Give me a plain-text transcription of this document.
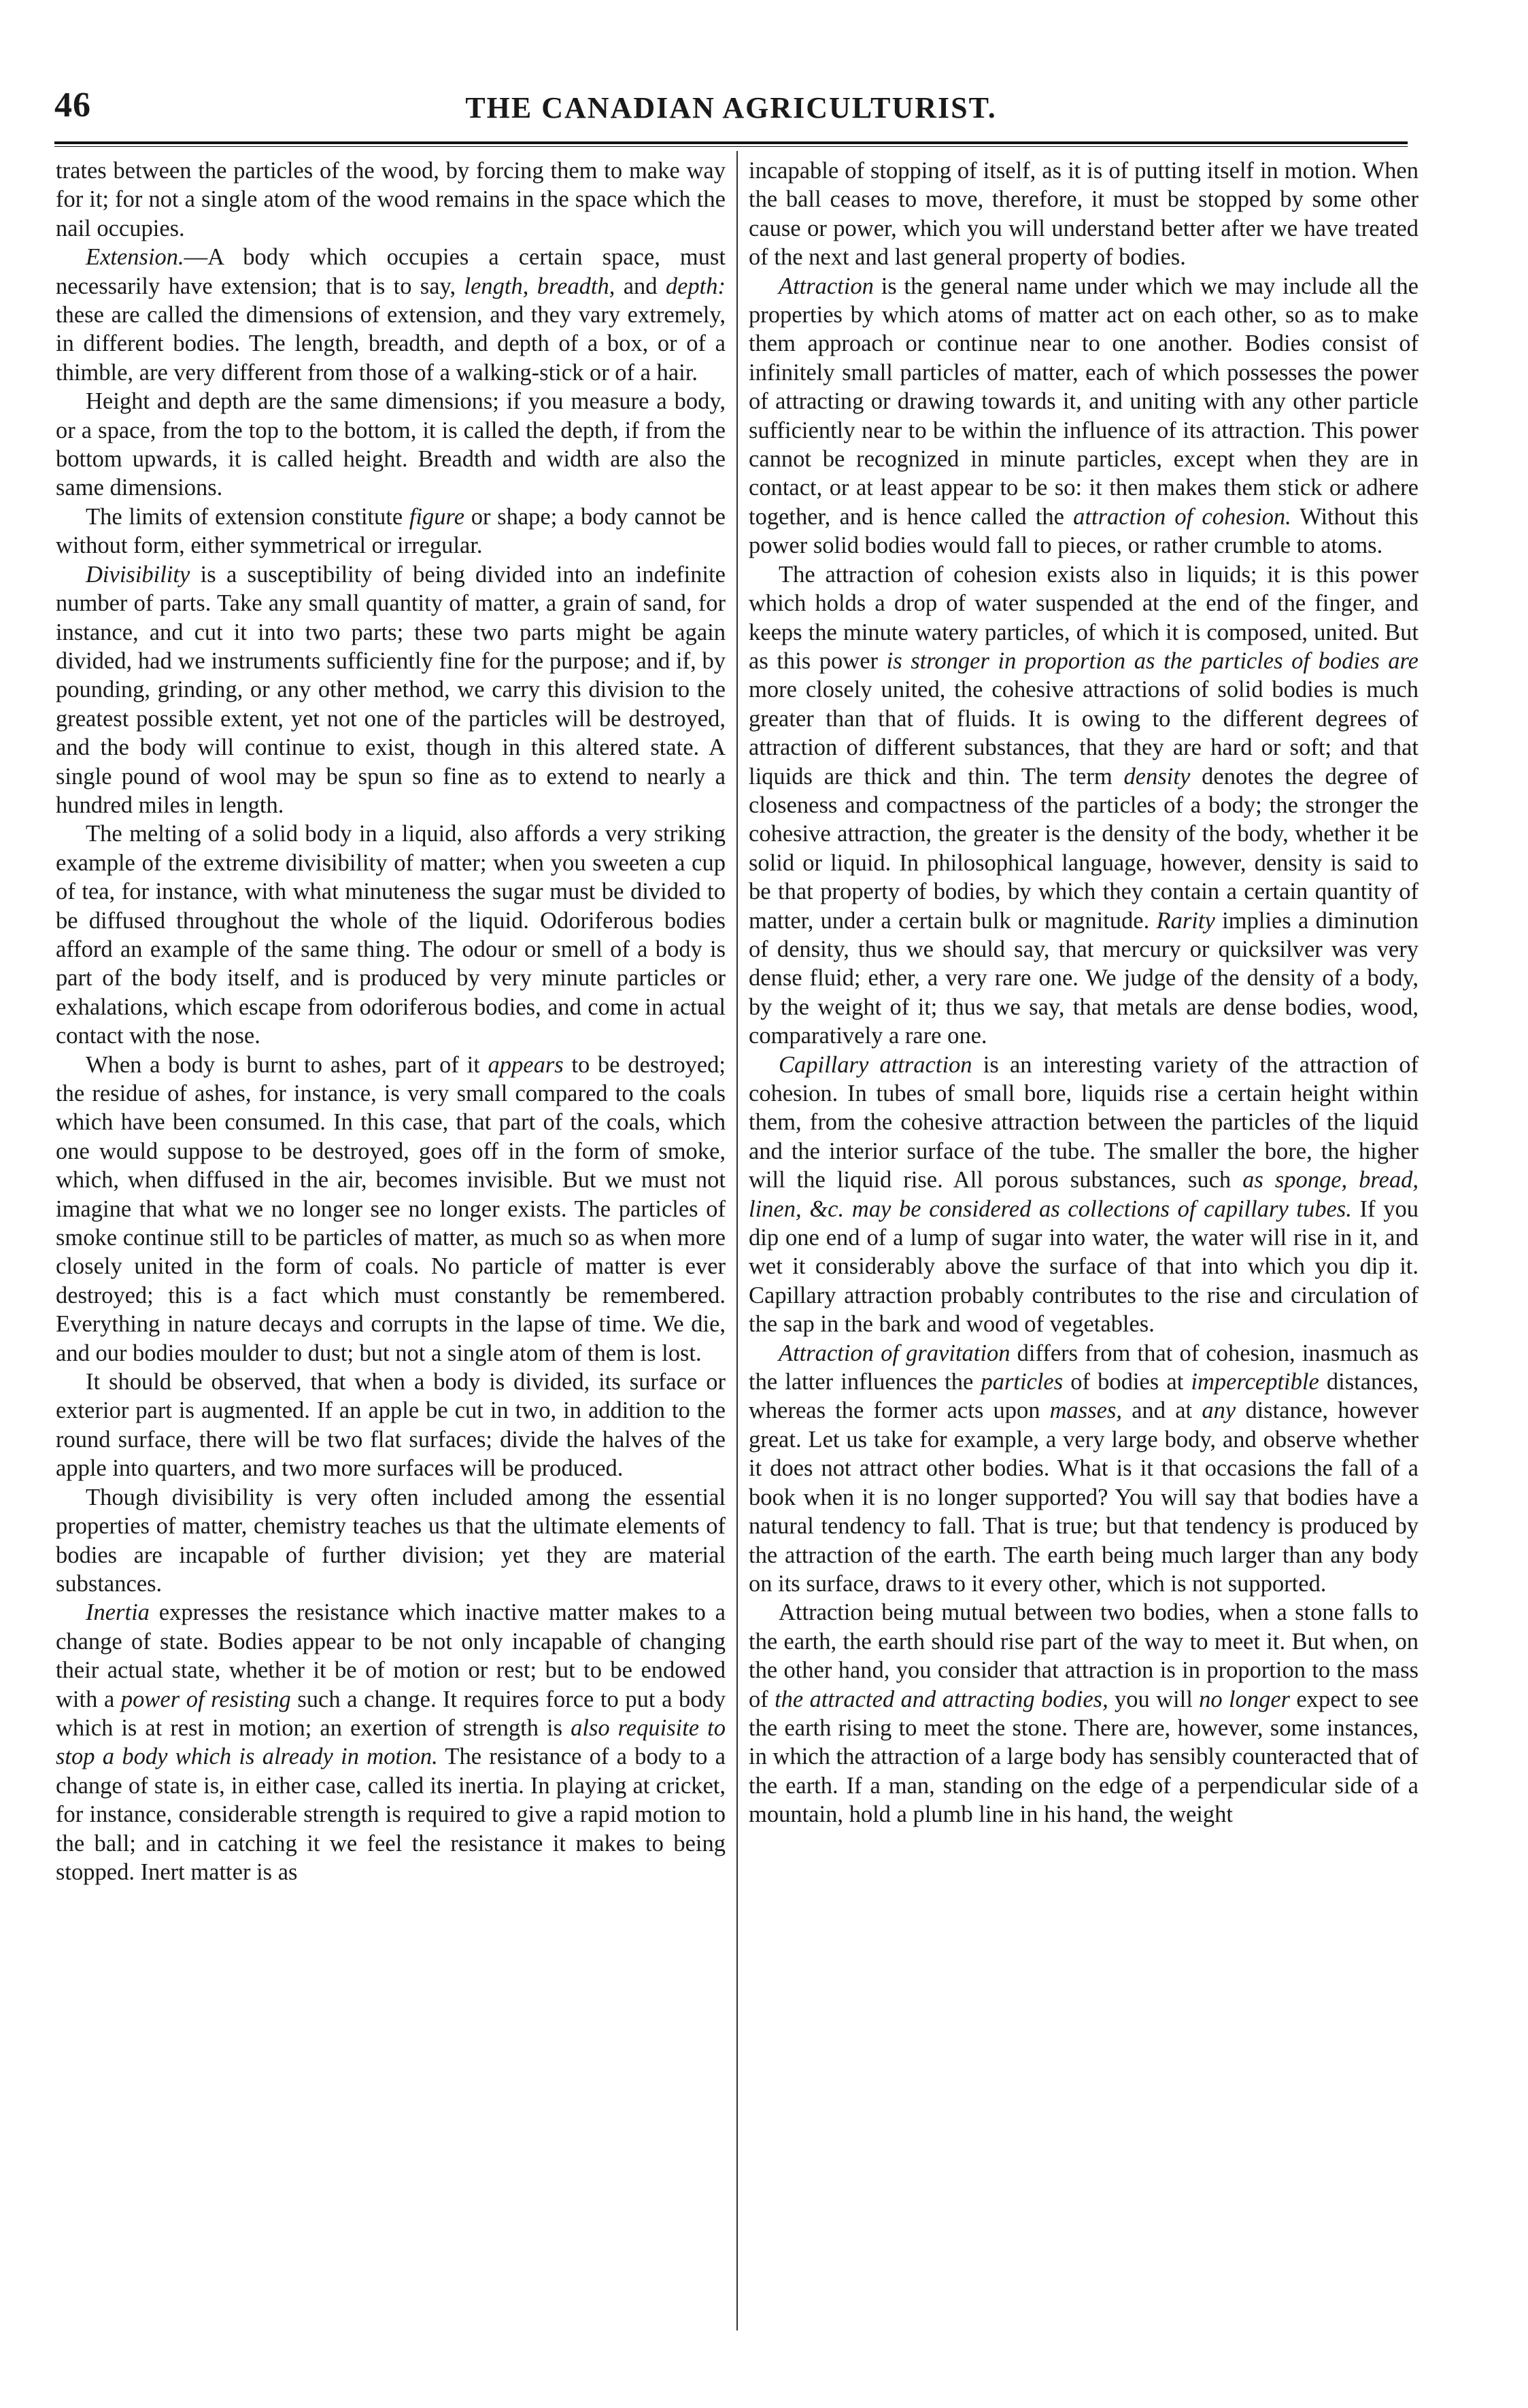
46	THE CANADIAN AGRICULTURIST.

trates between the particles of the wood, by forcing them to make way for it; for not a single atom of the wood remains in the space which the nail occupies.

Extension.—A body which occupies a certain space, must necessarily have extension; that is to say, length, breadth, and depth: these are called the dimensions of extension, and they vary extremely, in different bodies. The length, breadth, and depth of a box, or of a thimble, are very different from those of a walking-stick or of a hair.

Height and depth are the same dimensions; if you measure a body, or a space, from the top to the bottom, it is called the depth, if from the bottom upwards, it is called height. Breadth and width are also the same dimensions.

The limits of extension constitute figure or shape; a body cannot be without form, either symmetrical or irregular.

Divisibility is a susceptibility of being divided into an indefinite number of parts. Take any small quantity of matter, a grain of sand, for instance, and cut it into two parts; these two parts might be again divided, had we instruments sufficiently fine for the purpose; and if, by pounding, grinding, or any other method, we carry this division to the greatest possible extent, yet not one of the particles will be destroyed, and the body will continue to exist, though in this altered state. A single pound of wool may be spun so fine as to extend to nearly a hundred miles in length.

The melting of a solid body in a liquid, also affords a very striking example of the extreme divisibility of matter; when you sweeten a cup of tea, for instance, with what minuteness the sugar must be divided to be diffused throughout the whole of the liquid. Odoriferous bodies afford an example of the same thing. The odour or smell of a body is part of the body itself, and is produced by very minute particles or exhalations, which escape from odoriferous bodies, and come in actual contact with the nose.

When a body is burnt to ashes, part of it appears to be destroyed; the residue of ashes, for instance, is very small compared to the coals which have been consumed. In this case, that part of the coals, which one would suppose to be destroyed, goes off in the form of smoke, which, when diffused in the air, becomes invisible. But we must not imagine that what we no longer see no longer exists. The particles of smoke continue still to be particles of matter, as much so as when more closely united in the form of coals. No particle of matter is ever destroyed; this is a fact which must constantly be remembered. Everything in nature decays and corrupts in the lapse of time. We die, and our bodies moulder to dust; but not a single atom of them is lost.

It should be observed, that when a body is divided, its surface or exterior part is augmented. If an apple be cut in two, in addition to the round surface, there will be two flat surfaces; divide the halves of the apple into quarters, and two more surfaces will be produced.

Though divisibility is very often included among the essential properties of matter, chemistry teaches us that the ultimate elements of bodies are incapable of further division; yet they are material substances.

Inertia expresses the resistance which inactive matter makes to a change of state. Bodies appear to be not only incapable of changing their actual state, whether it be of motion or rest; but to be endowed with a power of resisting such a change. It requires force to put a body which is at rest in motion; an exertion of strength is also requisite to stop a body which is already in motion. The resistance of a body to a change of state is, in either case, called its inertia. In playing at cricket, for instance, considerable strength is required to give a rapid motion to the ball; and in catching it we feel the resistance it makes to being stopped. Inert matter is as

incapable of stopping of itself, as it is of putting itself in motion. When the ball ceases to move, therefore, it must be stopped by some other cause or power, which you will understand better after we have treated of the next and last general property of bodies.

Attraction is the general name under which we may include all the properties by which atoms of matter act on each other, so as to make them approach or continue near to one another. Bodies consist of infinitely small particles of matter, each of which possesses the power of attracting or drawing towards it, and uniting with any other particle sufficiently near to be within the influence of its attraction. This power cannot be recognized in minute particles, except when they are in contact, or at least appear to be so: it then makes them stick or adhere together, and is hence called the attraction of cohesion. Without this power solid bodies would fall to pieces, or rather crumble to atoms.

The attraction of cohesion exists also in liquids; it is this power which holds a drop of water suspended at the end of the finger, and keeps the minute watery particles, of which it is composed, united. But as this power is stronger in proportion as the particles of bodies are more closely united, the cohesive attractions of solid bodies is much greater than that of fluids. It is owing to the different degrees of attraction of different substances, that they are hard or soft; and that liquids are thick and thin. The term density denotes the degree of closeness and compactness of the particles of a body; the stronger the cohesive attraction, the greater is the density of the body, whether it be solid or liquid. In philosophical language, however, density is said to be that property of bodies, by which they contain a certain quantity of matter, under a certain bulk or magnitude. Rarity implies a diminution of density, thus we should say, that mercury or quicksilver was very dense fluid; ether, a very rare one. We judge of the density of a body, by the weight of it; thus we say, that metals are dense bodies, wood, comparatively a rare one.

Capillary attraction is an interesting variety of the attraction of cohesion. In tubes of small bore, liquids rise a certain height within them, from the cohesive attraction between the particles of the liquid and the interior surface of the tube. The smaller the bore, the higher will the liquid rise. All porous substances, such as sponge, bread, linen, &c. may be considered as collections of capillary tubes. If you dip one end of a lump of sugar into water, the water will rise in it, and wet it considerably above the surface of that into which you dip it. Capillary attraction probably contributes to the rise and circulation of the sap in the bark and wood of vegetables.

Attraction of gravitation differs from that of cohesion, inasmuch as the latter influences the particles of bodies at imperceptible distances, whereas the former acts upon masses, and at any distance, however great. Let us take for example, a very large body, and observe whether it does not attract other bodies. What is it that occasions the fall of a book when it is no longer supported? You will say that bodies have a natural tendency to fall. That is true; but that tendency is produced by the attraction of the earth. The earth being much larger than any body on its surface, draws to it every other, which is not supported.

Attraction being mutual between two bodies, when a stone falls to the earth, the earth should rise part of the way to meet it. But when, on the other hand, you consider that attraction is in proportion to the mass of the attracted and attracting bodies, you will no longer expect to see the earth rising to meet the stone. There are, however, some instances, in which the attraction of a large body has sensibly counteracted that of the earth. If a man, standing on the edge of a perpendicular side of a mountain, hold a plumb line in his hand, the weight
